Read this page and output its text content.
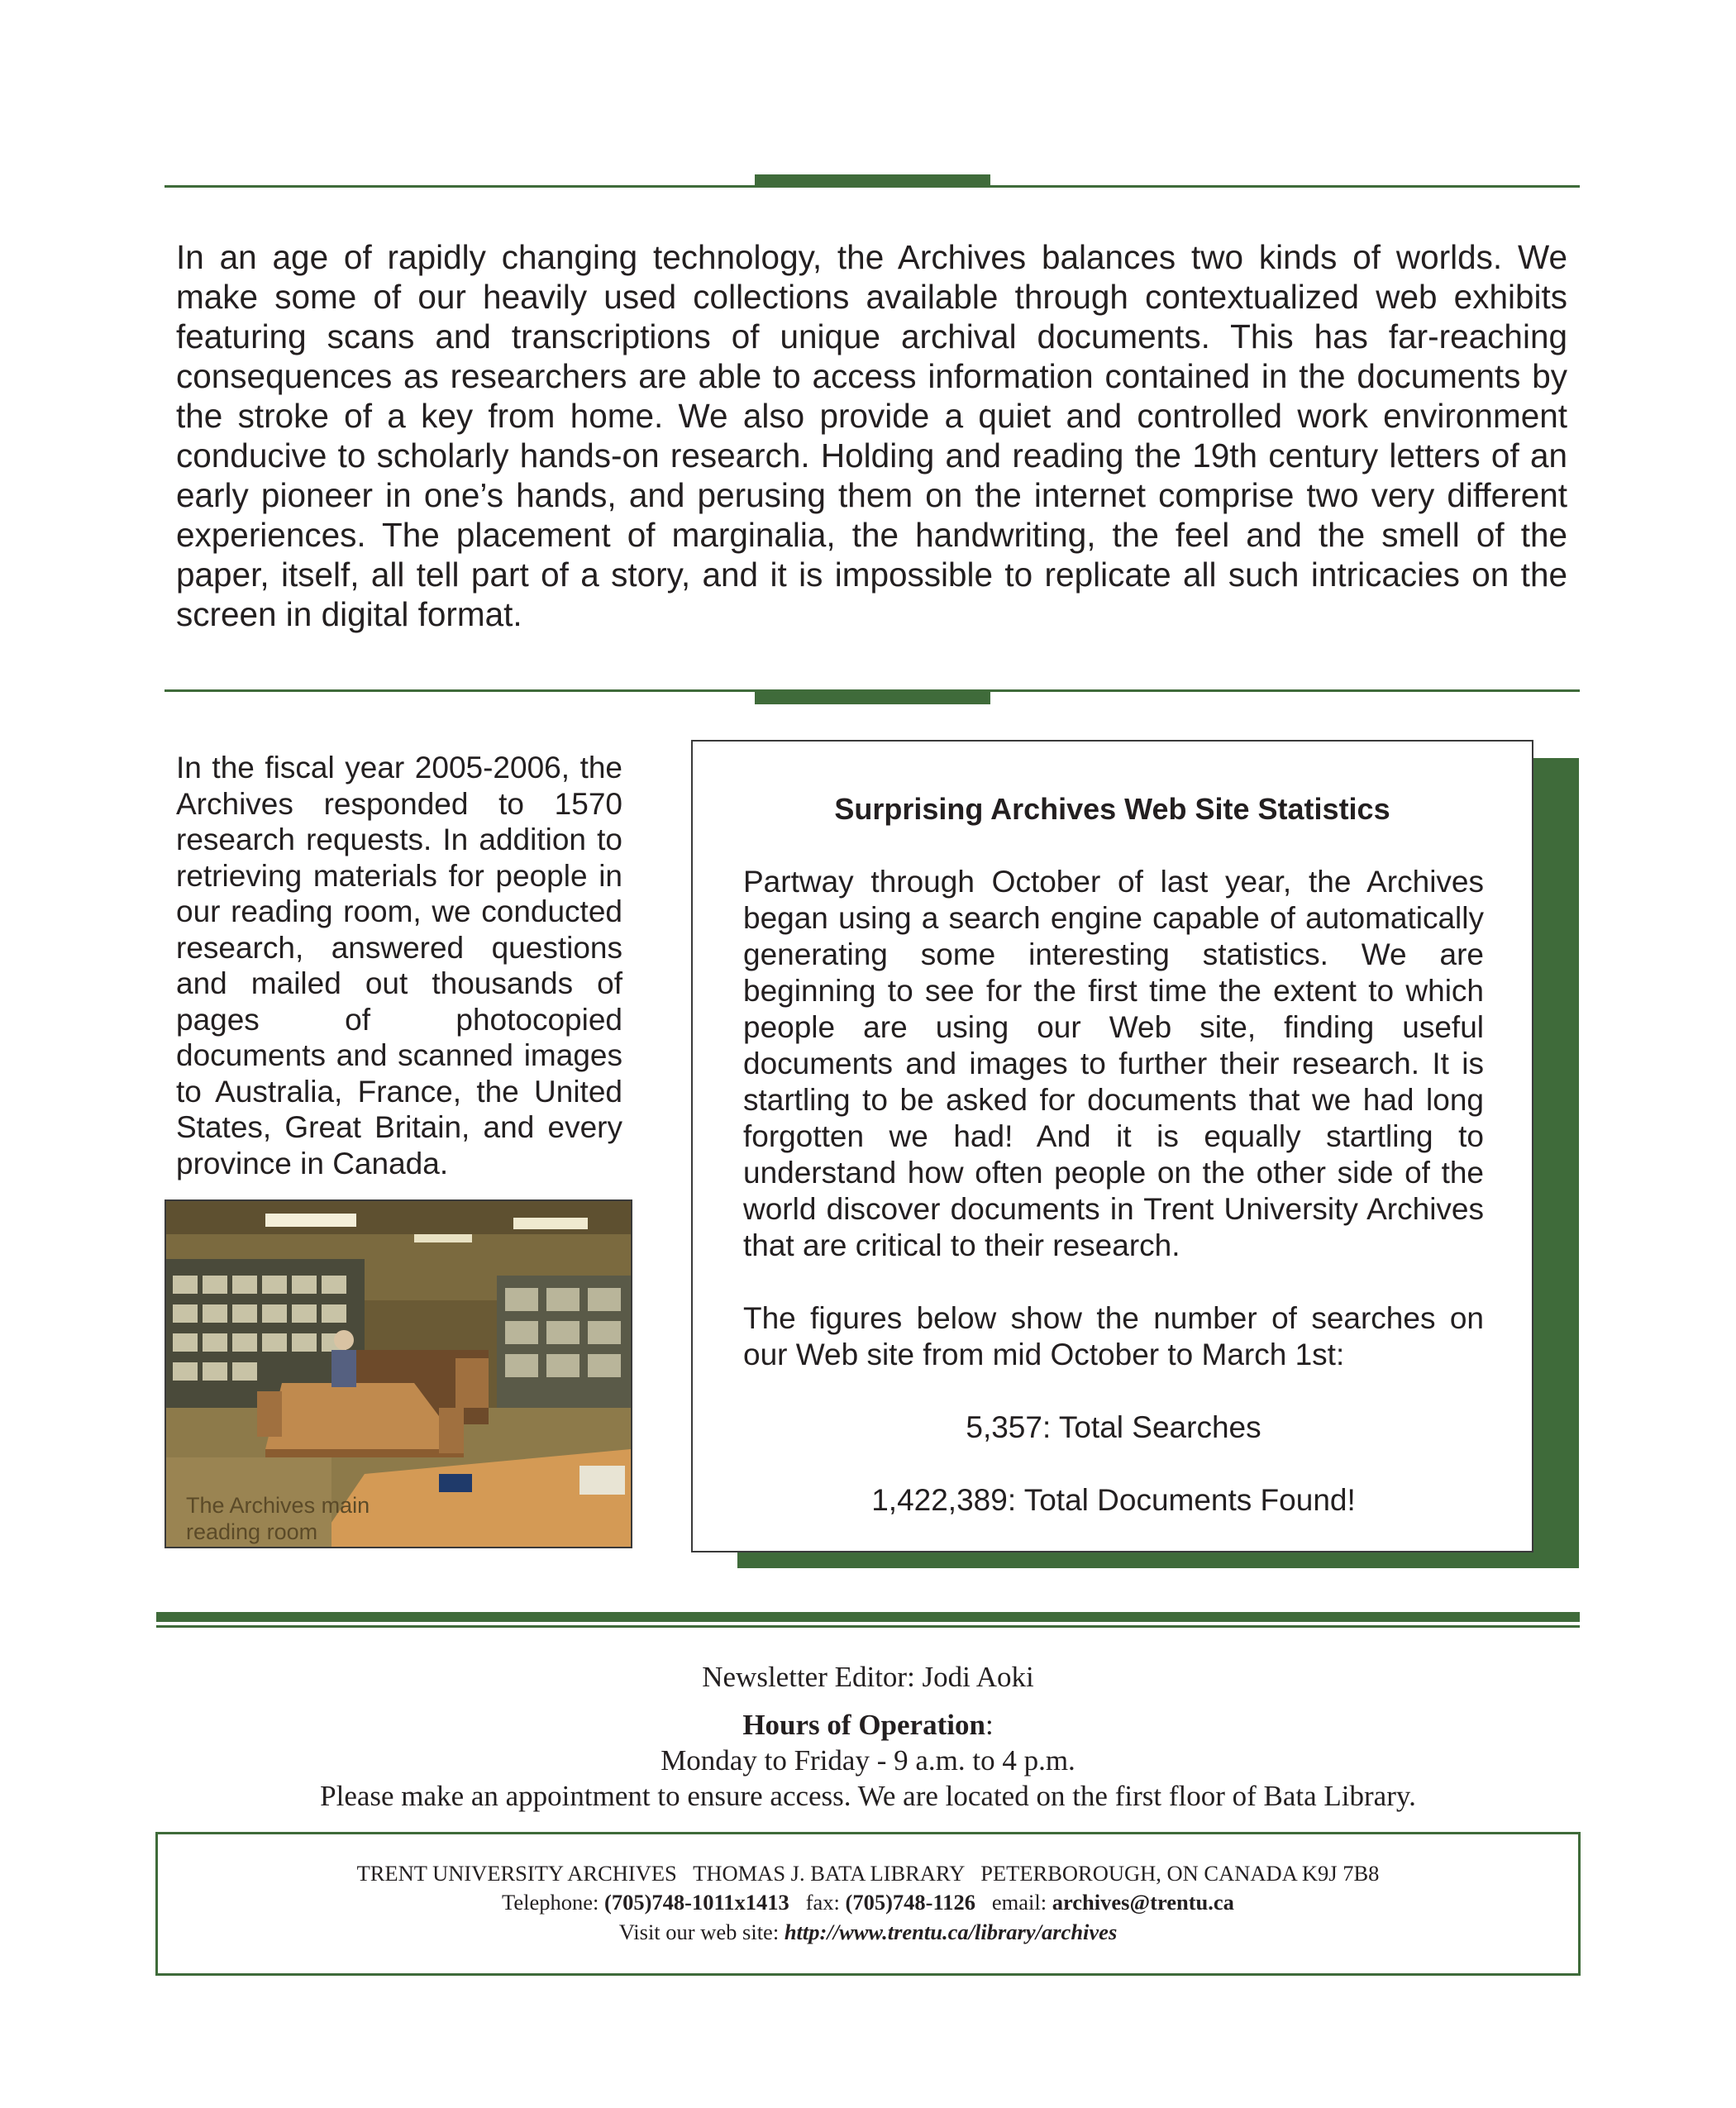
In an age of rapidly changing technology, the Archives balances two kinds of worlds. We make some of our heavily used collections available through contextualized web exhibits featuring scans and transcriptions of unique archival documents. This has far-reaching consequences as researchers are able to access information contained in the documents by the stroke of a key from home. We also provide a quiet and controlled work environment conducive to scholarly hands-on research. Holding and reading the 19th century letters of an early pioneer in one’s hands, and perusing them on the internet comprise two very different experiences. The placement of marginalia, the handwriting, the feel and the smell of the paper, itself, all tell part of a story, and it is impossible to replicate all such intricacies on the screen in digital format.

In the fiscal year 2005-2006, the Archives responded to 1570 research requests. In addition to retrieving materials for people in our reading room, we conducted research, answered questions and mailed out thousands of pages of photocopied documents and scanned images to Australia, France, the United States, Great Britain, and every province in Canada.

The Archives main
reading room
Surprising Archives Web Site Statistics

Partway through October of last year, the Archives began using a search engine capable of automatically generating some interesting statistics. We are beginning to see for the first time the extent to which people are using our Web site, finding useful documents and images to further their research. It is startling to be asked for documents that we had long forgotten we had! And it is equally startling to understand how often people on the other side of the world discover documents in Trent University Archives that are critical to their research.

The figures below show the number of searches on our Web site from mid October to March 1st:

5,357: Total Searches

1,422,389: Total Documents Found!

Newsletter Editor: Jodi Aoki
Hours of Operation:
Monday to Friday - 9 a.m. to 4 p.m.
Please make an appointment to ensure access. We are located on the first floor of Bata Library.
TRENT UNIVERSITY ARCHIVES   THOMAS J. BATA LIBRARY   PETERBOROUGH, ON CANADA K9J 7B8
Telephone: (705)748-1011x1413   fax: (705)748-1126   email: archives@trentu.ca
Visit our web site: http://www.trentu.ca/library/archives
